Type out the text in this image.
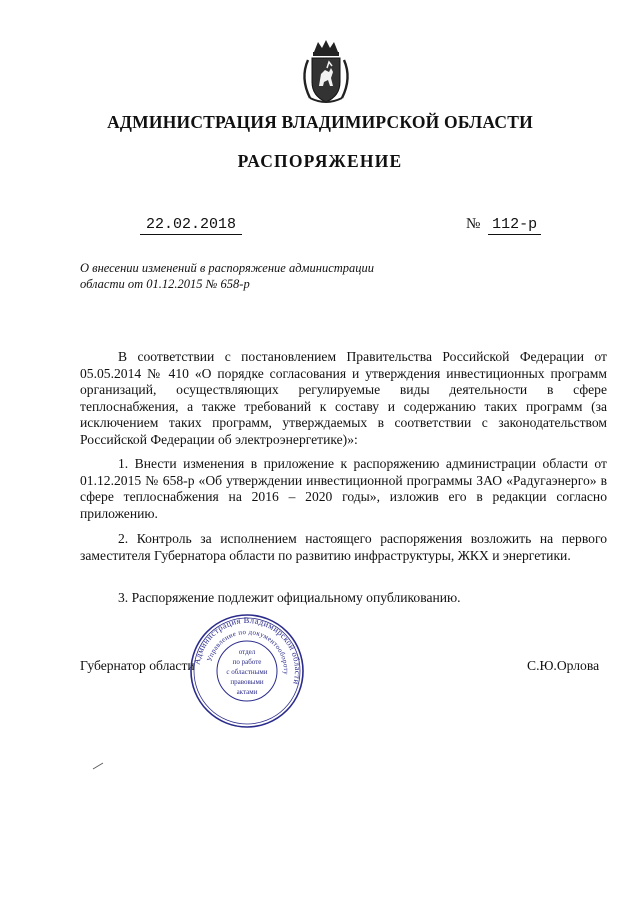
АДМИНИСТРАЦИЯ ВЛАДИМИРСКОЙ ОБЛАСТИ
РАСПОРЯЖЕНИЕ
22.02.2018	№ 112-р
О внесении изменений в распоряжение администрации
области от 01.12.2015 № 658-р

В соответствии с постановлением Правительства Российской Федерации от 05.05.2014 № 410 «О порядке согласования и утверждения инвестиционных программ организаций, осуществляющих регулируемые виды деятельности в сфере теплоснабжения, а также требований к составу и содержанию таких программ (за исключением таких программ, утверждаемых в соответствии с законодательством Российской Федерации об электроэнергетике)»:

1. Внести изменения в приложение к распоряжению администрации области от 01.12.2015 № 658-р «Об утверждении инвестиционной программы ЗАО «Радугаэнерго» в сфере теплоснабжения на 2016 – 2020 годы», изложив его в редакции согласно приложению.

2. Контроль за исполнением настоящего распоряжения возложить на первого заместителя Губернатора области по развитию инфраструктуры, ЖКХ и энергетики.

3. Распоряжение подлежит официальному опубликованию.

Губернатор области	С.Ю.Орлова
Администрация Владимирской области
Управление по документообороту
отдел
по работе
с областными
правовыми
актами
